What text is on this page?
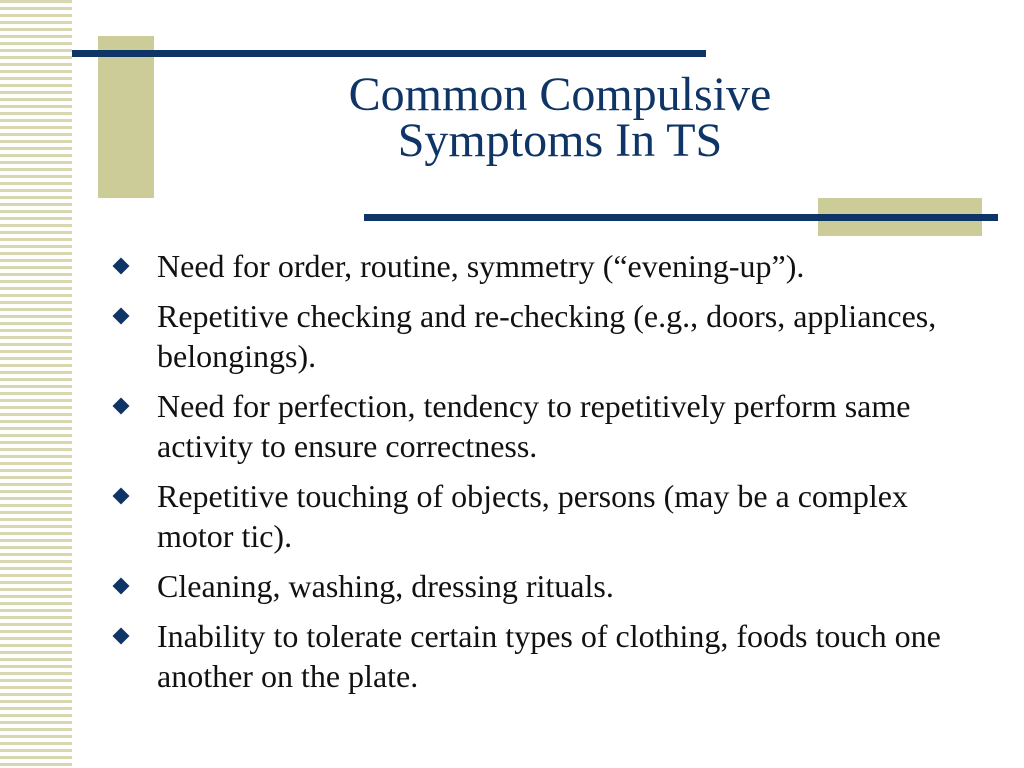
Common Compulsive
Symptoms In TS
Need for order, routine, symmetry (“evening-up”).
Repetitive checking and re-checking (e.g., doors, appliances, belongings).
Need for perfection, tendency to repetitively perform same activity to ensure correctness.
Repetitive touching of objects, persons (may be a complex motor tic).
Cleaning, washing, dressing rituals.
Inability to tolerate certain types of clothing, foods touch one another on the plate.
